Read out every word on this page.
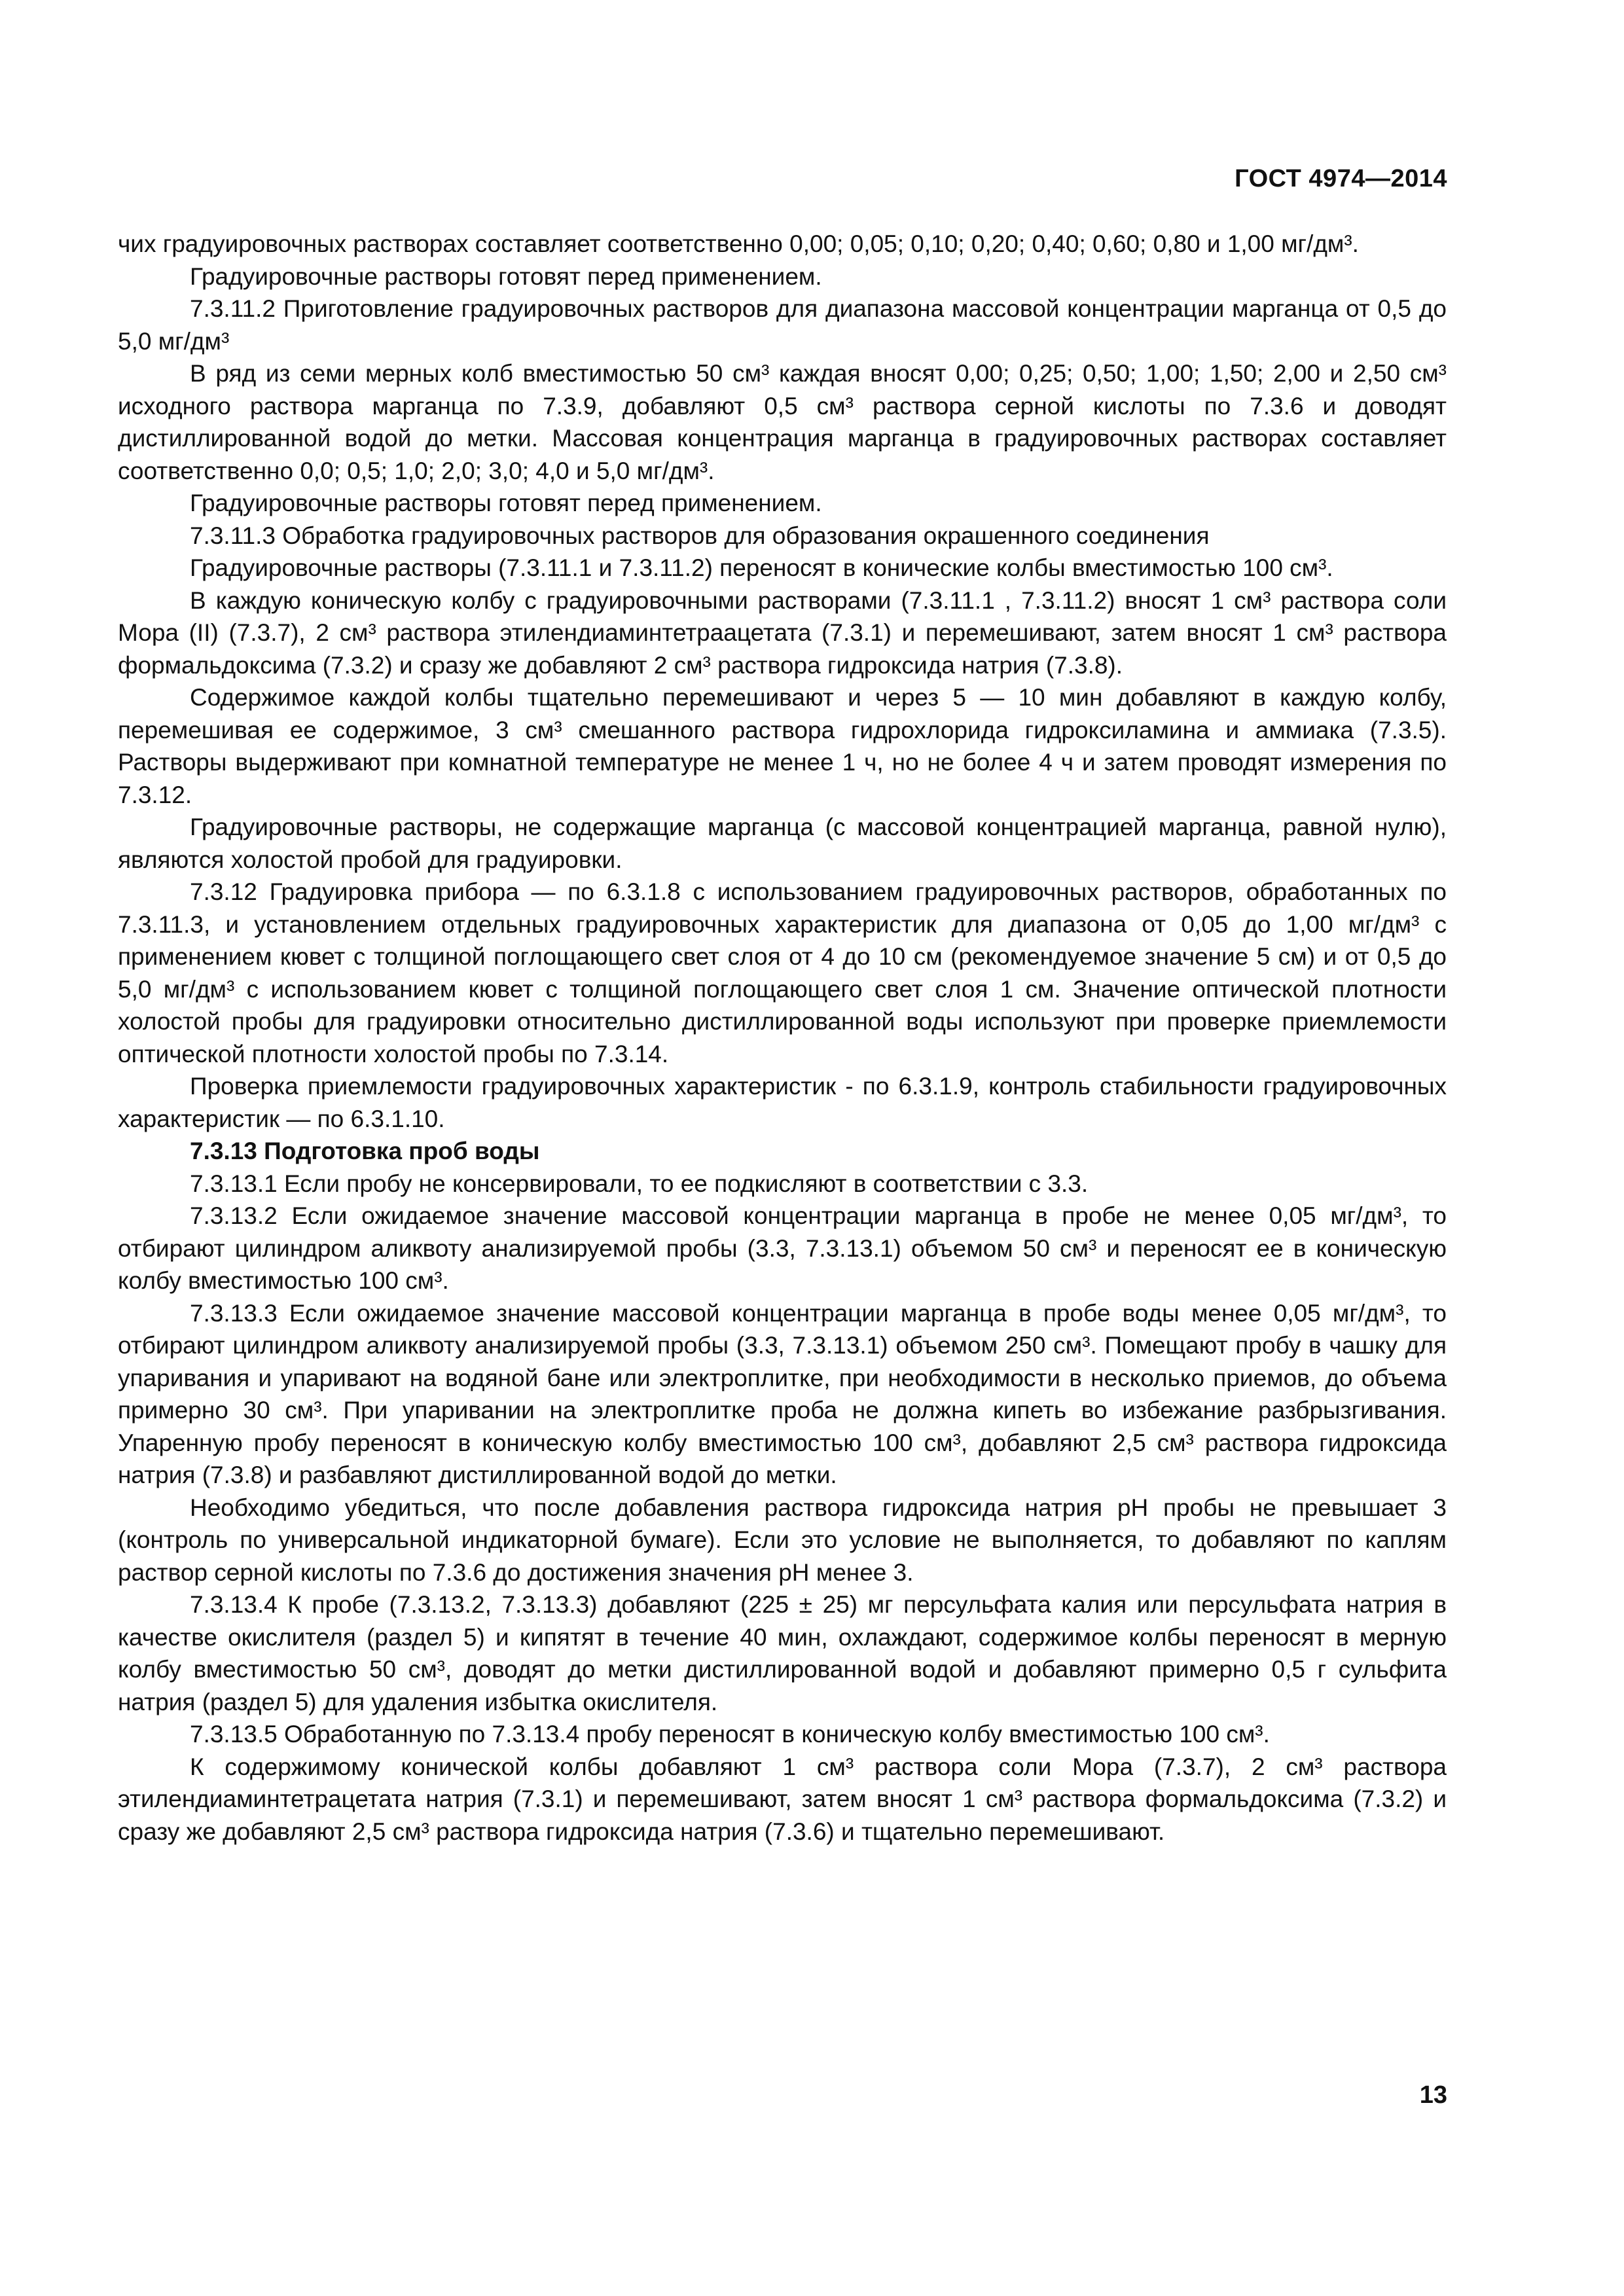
ГОСТ 4974—2014

чих градуировочных растворах составляет соответственно 0,00; 0,05; 0,10; 0,20; 0,40; 0,60; 0,80 и 1,00 мг/дм³.

Градуировочные растворы готовят перед применением.

7.3.11.2 Приготовление градуировочных растворов для диапазона массовой концентрации марганца от 0,5 до 5,0 мг/дм³

В ряд из семи мерных колб вместимостью 50 см³ каждая вносят 0,00; 0,25; 0,50; 1,00; 1,50; 2,00 и 2,50 см³ исходного раствора марганца по 7.3.9, добавляют 0,5 см³ раствора серной кислоты по 7.3.6 и доводят дистиллированной водой до метки. Массовая концентрация марганца в градуировочных растворах составляет соответственно 0,0; 0,5; 1,0; 2,0; 3,0; 4,0 и 5,0 мг/дм³.

Градуировочные растворы готовят перед применением.

7.3.11.3 Обработка градуировочных растворов для образования окрашенного соединения

Градуировочные растворы (7.3.11.1 и 7.3.11.2) переносят в конические колбы вместимостью 100 см³.

В каждую коническую колбу с градуировочными растворами (7.3.11.1 , 7.3.11.2) вносят 1 см³ раствора соли Мора (II) (7.3.7), 2 см³ раствора этилендиаминтетраацетата (7.3.1) и перемешивают, затем вносят 1 см³ раствора формальдоксима (7.3.2) и сразу же добавляют 2 см³ раствора гидроксида натрия (7.3.8).

Содержимое каждой колбы тщательно перемешивают и через 5 — 10 мин добавляют в каждую колбу, перемешивая ее содержимое, 3 см³ смешанного раствора гидрохлорида гидроксиламина и аммиака (7.3.5). Растворы выдерживают при комнатной температуре не менее 1 ч, но не более 4 ч и затем проводят измерения по 7.3.12.

Градуировочные растворы, не содержащие марганца (с массовой концентрацией марганца, равной нулю), являются холостой пробой для градуировки.

7.3.12 Градуировка прибора — по 6.3.1.8 с использованием градуировочных растворов, обработанных по 7.3.11.3, и установлением отдельных градуировочных характеристик для диапазона от 0,05 до 1,00 мг/дм³ с применением кювет с толщиной поглощающего свет слоя от 4 до 10 см (рекомендуемое значение 5 см) и от 0,5 до 5,0 мг/дм³ с использованием кювет с толщиной поглощающего свет слоя 1 см. Значение оптической плотности холостой пробы для градуировки относительно дистиллированной воды используют при проверке приемлемости оптической плотности холостой пробы по 7.3.14.

Проверка приемлемости градуировочных характеристик - по 6.3.1.9, контроль стабильности градуировочных характеристик — по 6.3.1.10.

7.3.13 Подготовка проб воды

7.3.13.1 Если пробу не консервировали, то ее подкисляют в соответствии с 3.3.

7.3.13.2 Если ожидаемое значение массовой концентрации марганца в пробе не менее 0,05 мг/дм³, то отбирают цилиндром аликвоту анализируемой пробы (3.3, 7.3.13.1) объемом 50 см³ и переносят ее в коническую колбу вместимостью 100 см³.

7.3.13.3 Если ожидаемое значение массовой концентрации марганца в пробе воды менее 0,05 мг/дм³, то отбирают цилиндром аликвоту анализируемой пробы (3.3, 7.3.13.1) объемом 250 см³. Помещают пробу в чашку для упаривания и упаривают на водяной бане или электроплитке, при необходимости в несколько приемов, до объема примерно 30 см³. При упаривании на электроплитке проба не должна кипеть во избежание разбрызгивания. Упаренную пробу переносят в коническую колбу вместимостью 100 см³, добавляют 2,5 см³ раствора гидроксида натрия (7.3.8) и разбавляют дистиллированной водой до метки.

Необходимо убедиться, что после добавления раствора гидроксида натрия pH пробы не превышает 3 (контроль по универсальной индикаторной бумаге). Если это условие не выполняется, то добавляют по каплям раствор серной кислоты по 7.3.6 до достижения значения pH менее 3.

7.3.13.4 К пробе (7.3.13.2, 7.3.13.3) добавляют (225 ± 25) мг персульфата калия или персульфата натрия в качестве окислителя (раздел 5) и кипятят в течение 40 мин, охлаждают, содержимое колбы переносят в мерную колбу вместимостью 50 см³, доводят до метки дистиллированной водой и добавляют примерно 0,5 г сульфита натрия (раздел 5) для удаления избытка окислителя.

7.3.13.5 Обработанную по 7.3.13.4 пробу переносят в коническую колбу вместимостью 100 см³.

К содержимому конической колбы добавляют 1 см³ раствора соли Мора (7.3.7), 2 см³ раствора этилендиаминтетрацетата натрия (7.3.1) и перемешивают, затем вносят 1 см³ раствора формальдоксима (7.3.2) и сразу же добавляют 2,5 см³ раствора гидроксида натрия (7.3.6) и тщательно перемешивают.

13
